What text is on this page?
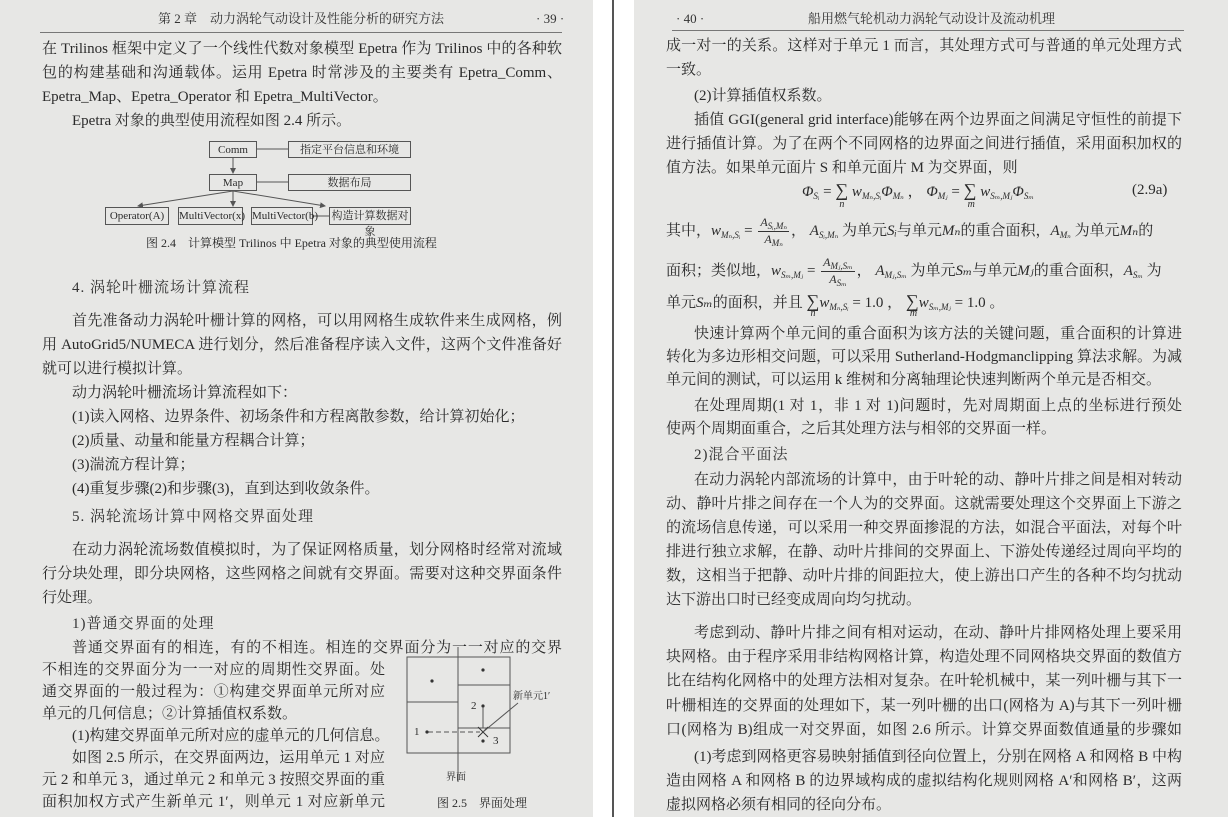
第 2 章　动力涡轮气动设计及性能分析的研究方法	· 39 ·
在 Trilinos 框架中定义了一个线性代数对象模型 Epetra 作为 Trilinos 中的各种软
包的构建基础和沟通载体。运用 Epetra 时常涉及的主要类有 Epetra_Comm、
Epetra_Map、Epetra_Operator 和 Epetra_MultiVector。
Epetra 对象的典型使用流程如图 2.4 所示。
Comm	指定平台信息和环境
Map	数据布局
Operator(A)	MultiVector(x) MultiVector(b) 构造计算数据对象
图 2.4　计算模型 Trilinos 中 Epetra 对象的典型使用流程
4. 涡轮叶栅流场计算流程
首先准备动力涡轮叶栅计算的网格，可以用网格生成软件来生成网格，例
用 AutoGrid5/NUMECA 进行划分，然后准备程序读入文件，这两个文件准备好
就可以进行模拟计算。
动力涡轮叶栅流场计算流程如下：
(1)读入网格、边界条件、初场条件和方程离散参数，给计算初始化；
(2)质量、动量和能量方程耦合计算；
(3)湍流方程计算；
(4)重复步骤(2)和步骤(3)，直到达到收敛条件。
5. 涡轮流场计算中网格交界面处理
在动力涡轮流场数值模拟时，为了保证网格质量，划分网格时经常对流域
行分块处理，即分块网格，这些网格之间就有交界面。需要对这种交界面条件
行处理。
1)普通交界面的处理
普通交界面有的相连，有的不相连。相连的交界面分为一一对应的交界
不相连的交界面分为一一对应的周期性交界面。处
通交界面的一般过程为：①构建交界面单元所对应
单元的几何信息；②计算插值权系数。
(1)构建交界面单元所对应的虚单元的几何信息。
如图 2.5 所示，在交界面两边，运用单元 1 对应
元 2 和单元 3，通过单元 2 和单元 3 按照交界面的重
面积加权方式产生新单元 1′，则单元 1 对应新单元
1
2
3
新单元1′
界面
图 2.5　界面处理
· 40 ·	船用燃气轮机动力涡轮气动设计及流动机理
成一对一的关系。这样对于单元 1 而言，其处理方式可与普通的单元处理方式
一致。
(2)计算插值权系数。
插值 GGI(general grid interface)能够在两个边界面之间满足守恒性的前提下
进行插值计算。为了在两个不同网格的边界面之间进行插值，采用面积加权的
值方法。如果单元面片 S 和单元面片 M 为交界面，则
$\Phi_{Sᵢ}$ = ∑
n
$w_{M_n,Sᵢ}\Phi_{M_n}$ ， $\Phi_{Mⱼ}$ = ∑
m
$w_{S_m,Mⱼ}\Phi_{S_m}$	(2.9a)
其中，$w_{M_n,Sᵢ} = \frac{A_{Sᵢ,M_n}}{A_{M_n}}$ ， $A_{Sᵢ,M_n}$ 为单元Sᵢ与单元Mₙ的重合面积，$A_{M_n}$ 为单元Mₙ的
面积；类似地，$w_{S_m,Mⱼ} = \frac{A_{Mⱼ,S_m}}{A_{S_m}}$ ， $A_{Mⱼ,S_m}$ 为单元Sₘ与单元Mⱼ的重合面积，$A_{S_m}$ 为
单元Sₘ的面积，并且 ∑
n
$w_{M_n,Sᵢ} = 1.0$ ， ∑
m
$w_{S_m,Mⱼ} = 1.0$ 。
快速计算两个单元间的重合面积为该方法的关键问题，重合面积的计算进
转化为多边形相交问题，可以采用 Sutherland-Hodgmanclipping 算法求解。为减
单元间的测试，可以运用 k 维树和分离轴理论快速判断两个单元是否相交。
在处理周期(1 对 1，非 1 对 1)问题时，先对周期面上点的坐标进行预处
使两个周期面重合，之后其处理方法与相邻的交界面一样。
2)混合平面法
在动力涡轮内部流场的计算中，由于叶轮的动、静叶片排之间是相对转动
动、静叶片排之间存在一个人为的交界面。这就需要处理这个交界面上下游之
的流场信息传递，可以采用一种交界面掺混的方法，如混合平面法，对每个叶
排进行独立求解，在静、动叶片排间的交界面上、下游处传递经过周向平均的
数，这相当于把静、动叶片排的间距拉大，使上游出口产生的各种不均匀扰动
达下游出口时已经变成周向均匀扰动。
考虑到动、静叶片排之间有相对运动，在动、静叶片排网格处理上要采用
块网格。由于程序采用非结构网格计算，构造处理不同网格块交界面的数值方
比在结构化网格中的处理方法相对复杂。在叶轮机械中，某一列叶栅与其下一
叶栅相连的交界面的处理如下，某一列叶栅的出口(网格为 A)与其下一列叶栅
口(网格为 B)组成一对交界面，如图 2.6 所示。计算交界面数值通量的步骤如
(1)考虑到网格更容易映射插值到径向位置上，分别在网格 A 和网格 B 中构
造由网格 A 和网格 B 的边界域构成的虚拟结构化规则网格 A′和网格 B′，这两
虚拟网格必须有相同的径向分布。
